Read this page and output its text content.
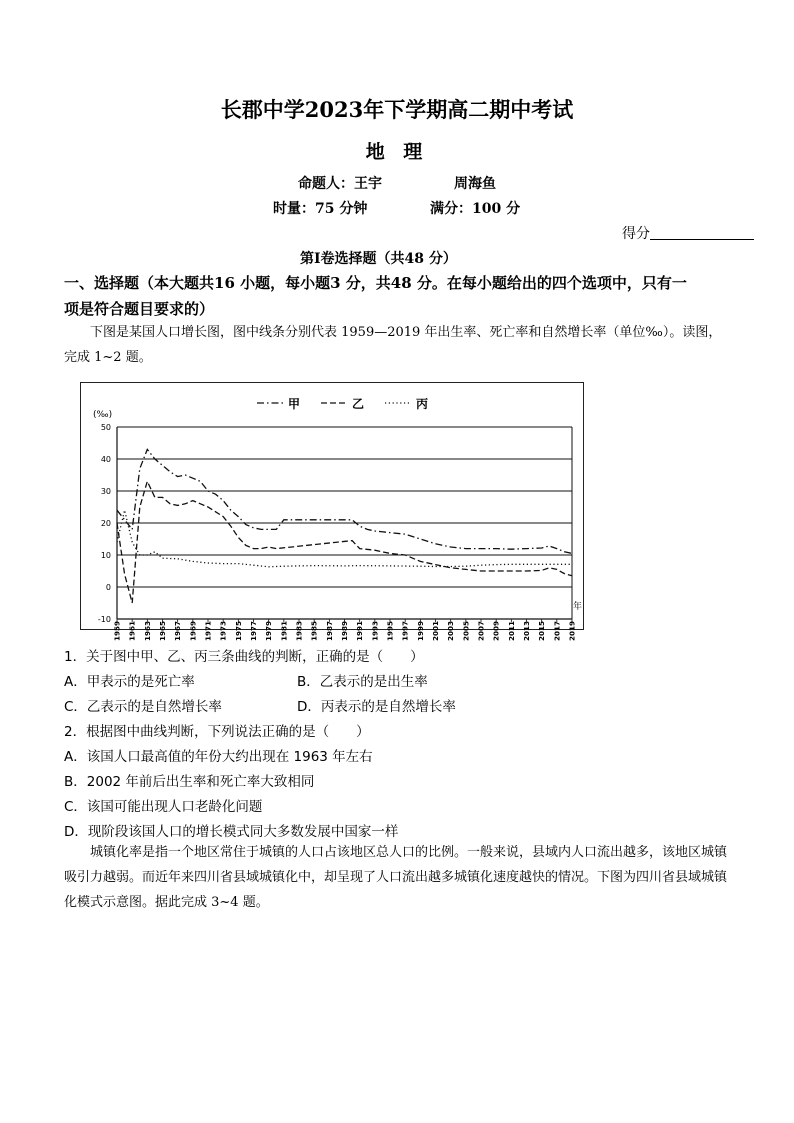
长郡中学2023年下学期高二期中考试
地 理
命题人：王宇	周海鱼
时量：75 分钟	满分：100 分
得分
第Ⅰ卷选择题（共48 分）
一、选择题（本大题共16 小题，每小题3 分，共48 分。在每小题给出的四个选项中，只有一
项是符合题目要求的）
下图是某国人口增长图，图中线条分别代表 1959—2019 年出生率、死亡率和自然增长率（单位‰）。读图，完成 1~2 题。
甲	乙	丙
-10
0
10
20
30
40
50
(‰)
1959 1961 1963 1965 1967 1969 1971 1973 1975 1977 1979 1981 1983 1985 1987 1989 1991 1993 1995 1997 1999 2001 2003 2005 2007 2009 2011 2013 2015 2017 2019
年
1．关于图中甲、乙、丙三条曲线的判断，正确的是（　　）
A．甲表示的是死亡率	B．乙表示的是出生率
C．乙表示的是自然增长率	D．丙表示的是自然增长率
2．根据图中曲线判断，下列说法正确的是（　　）
A．该国人口最高值的年份大约出现在 1963 年左右
B．2002 年前后出生率和死亡率大致相同
C．该国可能出现人口老龄化问题
D．现阶段该国人口的增长模式同大多数发展中国家一样
城镇化率是指一个地区常住于城镇的人口占该地区总人口的比例。一般来说，县域内人口流出越多，该地区城镇吸引力越弱。而近年来四川省县域城镇化中，却呈现了人口流出越多城镇化速度越快的情况。下图为四川省县域城镇化模式示意图。据此完成 3~4 题。
